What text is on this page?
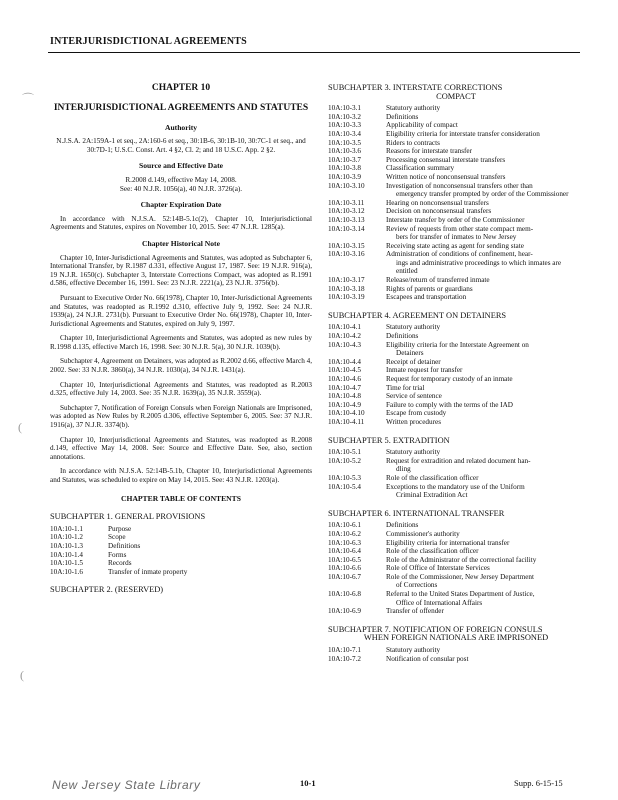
INTERJURISDICTIONAL AGREEMENTS
⌒
(
(
CHAPTER 10
INTERJURISDICTIONAL AGREEMENTS AND STATUTES
Authority
N.J.S.A. 2A:159A-1 et seq., 2A:160-6 et seq., 30:1B-6, 30:1B-10, 30:7C-1 et seq., and 30:7D-1; U.S.C. Const. Art. 4 §2, Cl. 2; and 18 U.S.C. App. 2 §2.
Source and Effective Date
R.2008 d.149, effective May 14, 2008.
See: 40 N.J.R. 1056(a), 40 N.J.R. 3726(a).
Chapter Expiration Date
In accordance with N.J.S.A. 52:14B-5.1c(2), Chapter 10, Interjurisdictional Agreements and Statutes, expires on November 10, 2015. See: 47 N.J.R. 1285(a).
Chapter Historical Note
Chapter 10, Inter-Jurisdictional Agreements and Statutes, was adopted as Subchapter 6, International Transfer, by R.1987 d.331, effective August 17, 1987. See: 19 N.J.R. 916(a), 19 N.J.R. 1650(c). Subchapter 3, Interstate Corrections Compact, was adopted as R.1991 d.586, effective December 16, 1991. See: 23 N.J.R. 2221(a), 23 N.J.R. 3756(b).
Pursuant to Executive Order No. 66(1978), Chapter 10, Inter-Jurisdictional Agreements and Statutes, was readopted as R.1992 d.310, effective July 9, 1992. See: 24 N.J.R. 1939(a), 24 N.J.R. 2731(b). Pursuant to Executive Order No. 66(1978), Chapter 10, Inter-Jurisdictional Agreements and Statutes, expired on July 9, 1997.
Chapter 10, Interjurisdictional Agreements and Statutes, was adopted as new rules by R.1998 d.135, effective March 16, 1998. See: 30 N.J.R. 5(a), 30 N.J.R. 1039(b).
Subchapter 4, Agreement on Detainers, was adopted as R.2002 d.66, effective March 4, 2002. See: 33 N.J.R. 3860(a), 34 N.J.R. 1030(a), 34 N.J.R. 1431(a).
Chapter 10, Interjurisdictional Agreements and Statutes, was readopted as R.2003 d.325, effective July 14, 2003. See: 35 N.J.R. 1639(a), 35 N.J.R. 3559(a).
Subchapter 7, Notification of Foreign Consuls when Foreign Nationals are Imprisoned, was adopted as New Rules by R.2005 d.306, effective September 6, 2005. See: 37 N.J.R. 1916(a), 37 N.J.R. 3374(b).
Chapter 10, Interjurisdictional Agreements and Statutes, was readopted as R.2008 d.149, effective May 14, 2008. See: Source and Effective Date. See, also, section annotations.
In accordance with N.J.S.A. 52:14B-5.1b, Chapter 10, Interjurisdictional Agreements and Statutes, was scheduled to expire on May 14, 2015. See: 43 N.J.R. 1203(a).
CHAPTER TABLE OF CONTENTS
SUBCHAPTER 1. GENERAL PROVISIONS
10A:10-1.1	Purpose
10A:10-1.2	Scope
10A:10-1.3	Definitions
10A:10-1.4	Forms
10A:10-1.5	Records
10A:10-1.6	Transfer of inmate property
SUBCHAPTER 2. (RESERVED)
SUBCHAPTER 3. INTERSTATE CORRECTIONS
COMPACT
10A:10-3.1	Statutory authority
10A:10-3.2	Definitions
10A:10-3.3	Applicability of compact
10A:10-3.4	Eligibility criteria for interstate transfer consideration
10A:10-3.5	Riders to contracts
10A:10-3.6	Reasons for interstate transfer
10A:10-3.7	Processing consensual interstate transfers
10A:10-3.8	Classification summary
10A:10-3.9	Written notice of nonconsensual transfers
10A:10-3.10	Investigation of nonconsensual transfers other than
emergency transfer prompted by order of the Commissioner
10A:10-3.11	Hearing on nonconsensual transfers
10A:10-3.12	Decision on nonconsensual transfers
10A:10-3.13	Interstate transfer by order of the Commissioner
10A:10-3.14	Review of requests from other state compact mem-
bers for transfer of inmates to New Jersey
10A:10-3.15	Receiving state acting as agent for sending state
10A:10-3.16	Administration of conditions of confinement, hear-
ings and administrative proceedings to which inmates are entitled
10A:10-3.17	Release/return of transferred inmate
10A:10-3.18	Rights of parents or guardians
10A:10-3.19	Escapees and transportation
SUBCHAPTER 4. AGREEMENT ON DETAINERS
10A:10-4.1	Statutory authority
10A:10-4.2	Definitions
10A:10-4.3	Eligibility criteria for the Interstate Agreement on
Detainers
10A:10-4.4	Receipt of detainer
10A:10-4.5	Inmate request for transfer
10A:10-4.6	Request for temporary custody of an inmate
10A:10-4.7	Time for trial
10A:10-4.8	Service of sentence
10A:10-4.9	Failure to comply with the terms of the IAD
10A:10-4.10	Escape from custody
10A:10-4.11	Written procedures
SUBCHAPTER 5. EXTRADITION
10A:10-5.1	Statutory authority
10A:10-5.2	Request for extradition and related document han-
dling
10A:10-5.3	Role of the classification officer
10A:10-5.4	Exceptions to the mandatory use of the Uniform
Criminal Extradition Act
SUBCHAPTER 6. INTERNATIONAL TRANSFER
10A:10-6.1	Definitions
10A:10-6.2	Commissioner's authority
10A:10-6.3	Eligibility criteria for international transfer
10A:10-6.4	Role of the classification officer
10A:10-6.5	Role of the Administrator of the correctional facility
10A:10-6.6	Role of Office of Interstate Services
10A:10-6.7	Role of the Commissioner, New Jersey Department
of Corrections
10A:10-6.8	Referral to the United States Department of Justice,
Office of International Affairs
10A:10-6.9	Transfer of offender
SUBCHAPTER 7. NOTIFICATION OF FOREIGN CONSULS
WHEN FOREIGN NATIONALS ARE IMPRISONED
10A:10-7.1	Statutory authority
10A:10-7.2	Notification of consular post
New Jersey State Library	10-1	Supp. 6-15-15
